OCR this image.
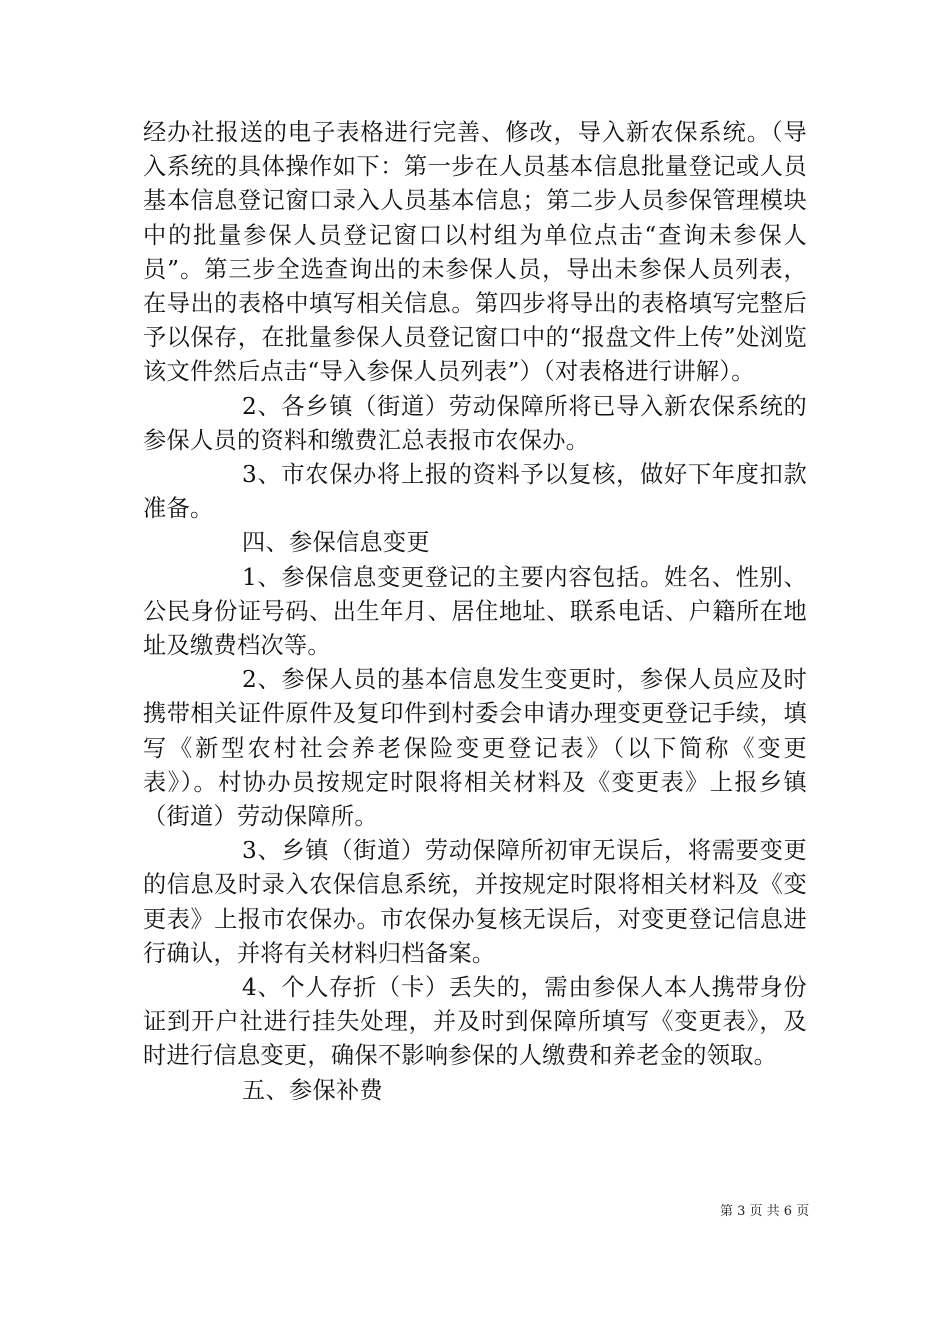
经办社报送的电子表格进行完善、修改，导入新农保系统。（导入系统的具体操作如下：第一步在人员基本信息批量登记或人员基本信息登记窗口录入人员基本信息；第二步人员参保管理模块中的批量参保人员登记窗口以村组为单位点击“查询未参保人员”。第三步全选查询出的未参保人员，导出未参保人员列表，在导出的表格中填写相关信息。第四步将导出的表格填写完整后予以保存，在批量参保人员登记窗口中的“报盘文件上传”处浏览该文件然后点击“导入参保人员列表”）（对表格进行讲解）。

2、各乡镇（街道）劳动保障所将已导入新农保系统的参保人员的资料和缴费汇总表报市农保办。

3、市农保办将上报的资料予以复核，做好下年度扣款准备。

四、参保信息变更

1、参保信息变更登记的主要内容包括。姓名、性别、公民身份证号码、出生年月、居住地址、联系电话、户籍所在地址及缴费档次等。

2、参保人员的基本信息发生变更时，参保人员应及时携带相关证件原件及复印件到村委会申请办理变更登记手续，填写《新型农村社会养老保险变更登记表》（以下简称《变更表》）。村协办员按规定时限将相关材料及《变更表》上报乡镇（街道）劳动保障所。

3、乡镇（街道）劳动保障所初审无误后，将需要变更的信息及时录入农保信息系统，并按规定时限将相关材料及《变更表》上报市农保办。市农保办复核无误后，对变更登记信息进行确认，并将有关材料归档备案。

4、个人存折（卡）丢失的，需由参保人本人携带身份证到开户社进行挂失处理，并及时到保障所填写《变更表》，及时进行信息变更，确保不影响参保的人缴费和养老金的领取。

五、参保补费

第 3 页 共 6 页
